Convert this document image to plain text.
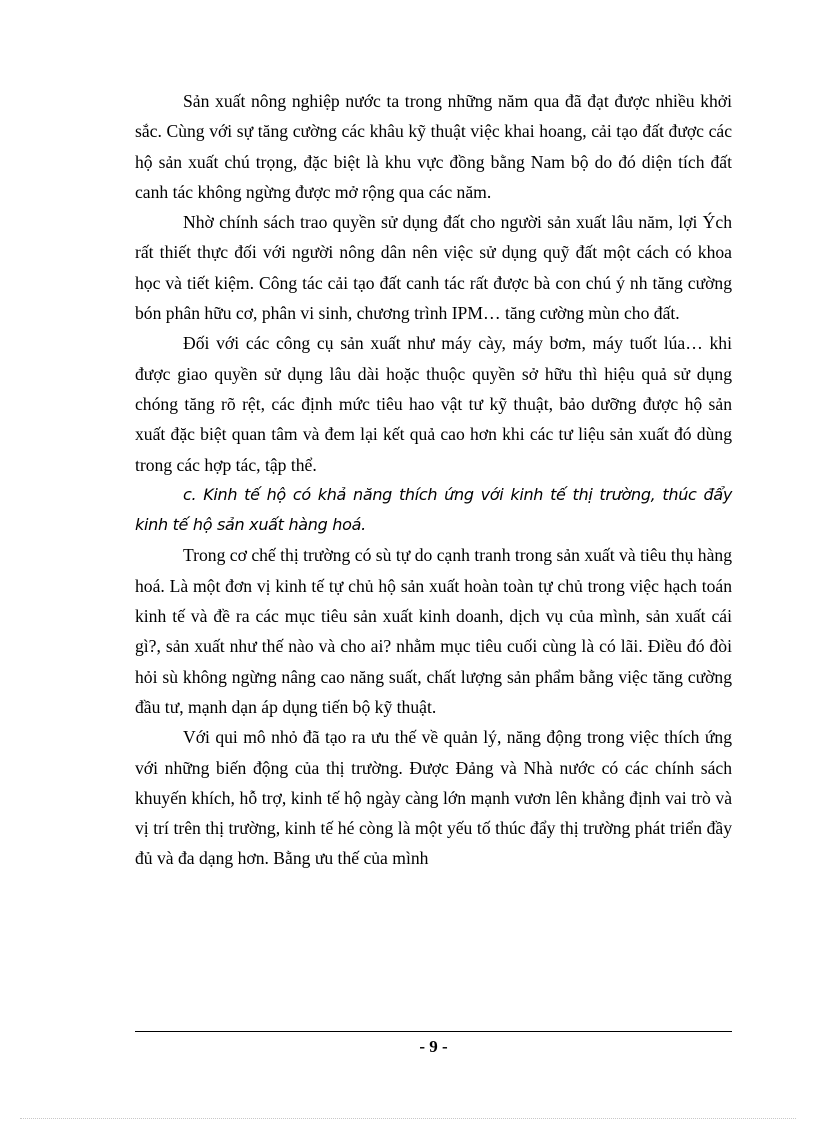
Sản xuất nông nghiệp nước ta trong những năm qua đã đạt được nhiều khởi sắc. Cùng với sự tăng cường các khâu kỹ thuật việc khai hoang, cải tạo đất được các hộ sản xuất chú trọng, đặc biệt là khu vực đồng bằng Nam bộ do đó diện tích đất canh tác không ngừng được mở rộng qua các năm.

Nhờ chính sách trao quyền sử dụng đất cho người sản xuất lâu năm, lợi Ých rất thiết thực đối với người nông dân nên việc sử dụng quỹ đất một cách có khoa học và tiết kiệm. Công tác cải tạo đất canh tác rất được bà con chú ý nh tăng cường bón phân hữu cơ, phân vi sinh, chương trình IPM… tăng cường mùn cho đất.

Đối với các công cụ sản xuất như máy cày, máy bơm, máy tuốt lúa… khi được giao quyền sử dụng lâu dài hoặc thuộc quyền sở hữu thì hiệu quả sử dụng chóng tăng rõ rệt, các định mức tiêu hao vật tư kỹ thuật, bảo dưỡng được hộ sản xuất đặc biệt quan tâm và đem lại kết quả cao hơn khi các tư liệu sản xuất đó dùng trong các hợp tác, tập thể.

c. Kinh tế hộ có khả năng thích ứng với kinh tế thị trường, thúc đẩy kinh tế hộ sản xuất hàng hoá.

Trong cơ chế thị trường có sù tự do cạnh tranh trong sản xuất và tiêu thụ hàng hoá. Là một đơn vị kinh tế tự chủ hộ sản xuất hoàn toàn tự chủ trong việc hạch toán kinh tế và đề ra các mục tiêu sản xuất kinh doanh, dịch vụ của mình, sản xuất cái gì?, sản xuất như thế nào và cho ai? nhằm mục tiêu cuối cùng là có lãi. Điều đó đòi hỏi sù không ngừng nâng cao năng suất, chất lượng sản phẩm bằng việc tăng cường đầu tư, mạnh dạn áp dụng tiến bộ kỹ thuật.

Với qui mô nhỏ đã tạo ra ưu thế về quản lý, năng động trong việc thích ứng với những biến động của thị trường. Được Đảng và Nhà nước có các chính sách khuyến khích, hỗ trợ, kinh tế hộ ngày càng lớn mạnh vươn lên khẳng định vai trò và vị trí trên thị trường, kinh tế hé còng là một yếu tố thúc đẩy thị trường phát triển đầy đủ và đa dạng hơn. Bằng ưu thế của mình

- 9 -
